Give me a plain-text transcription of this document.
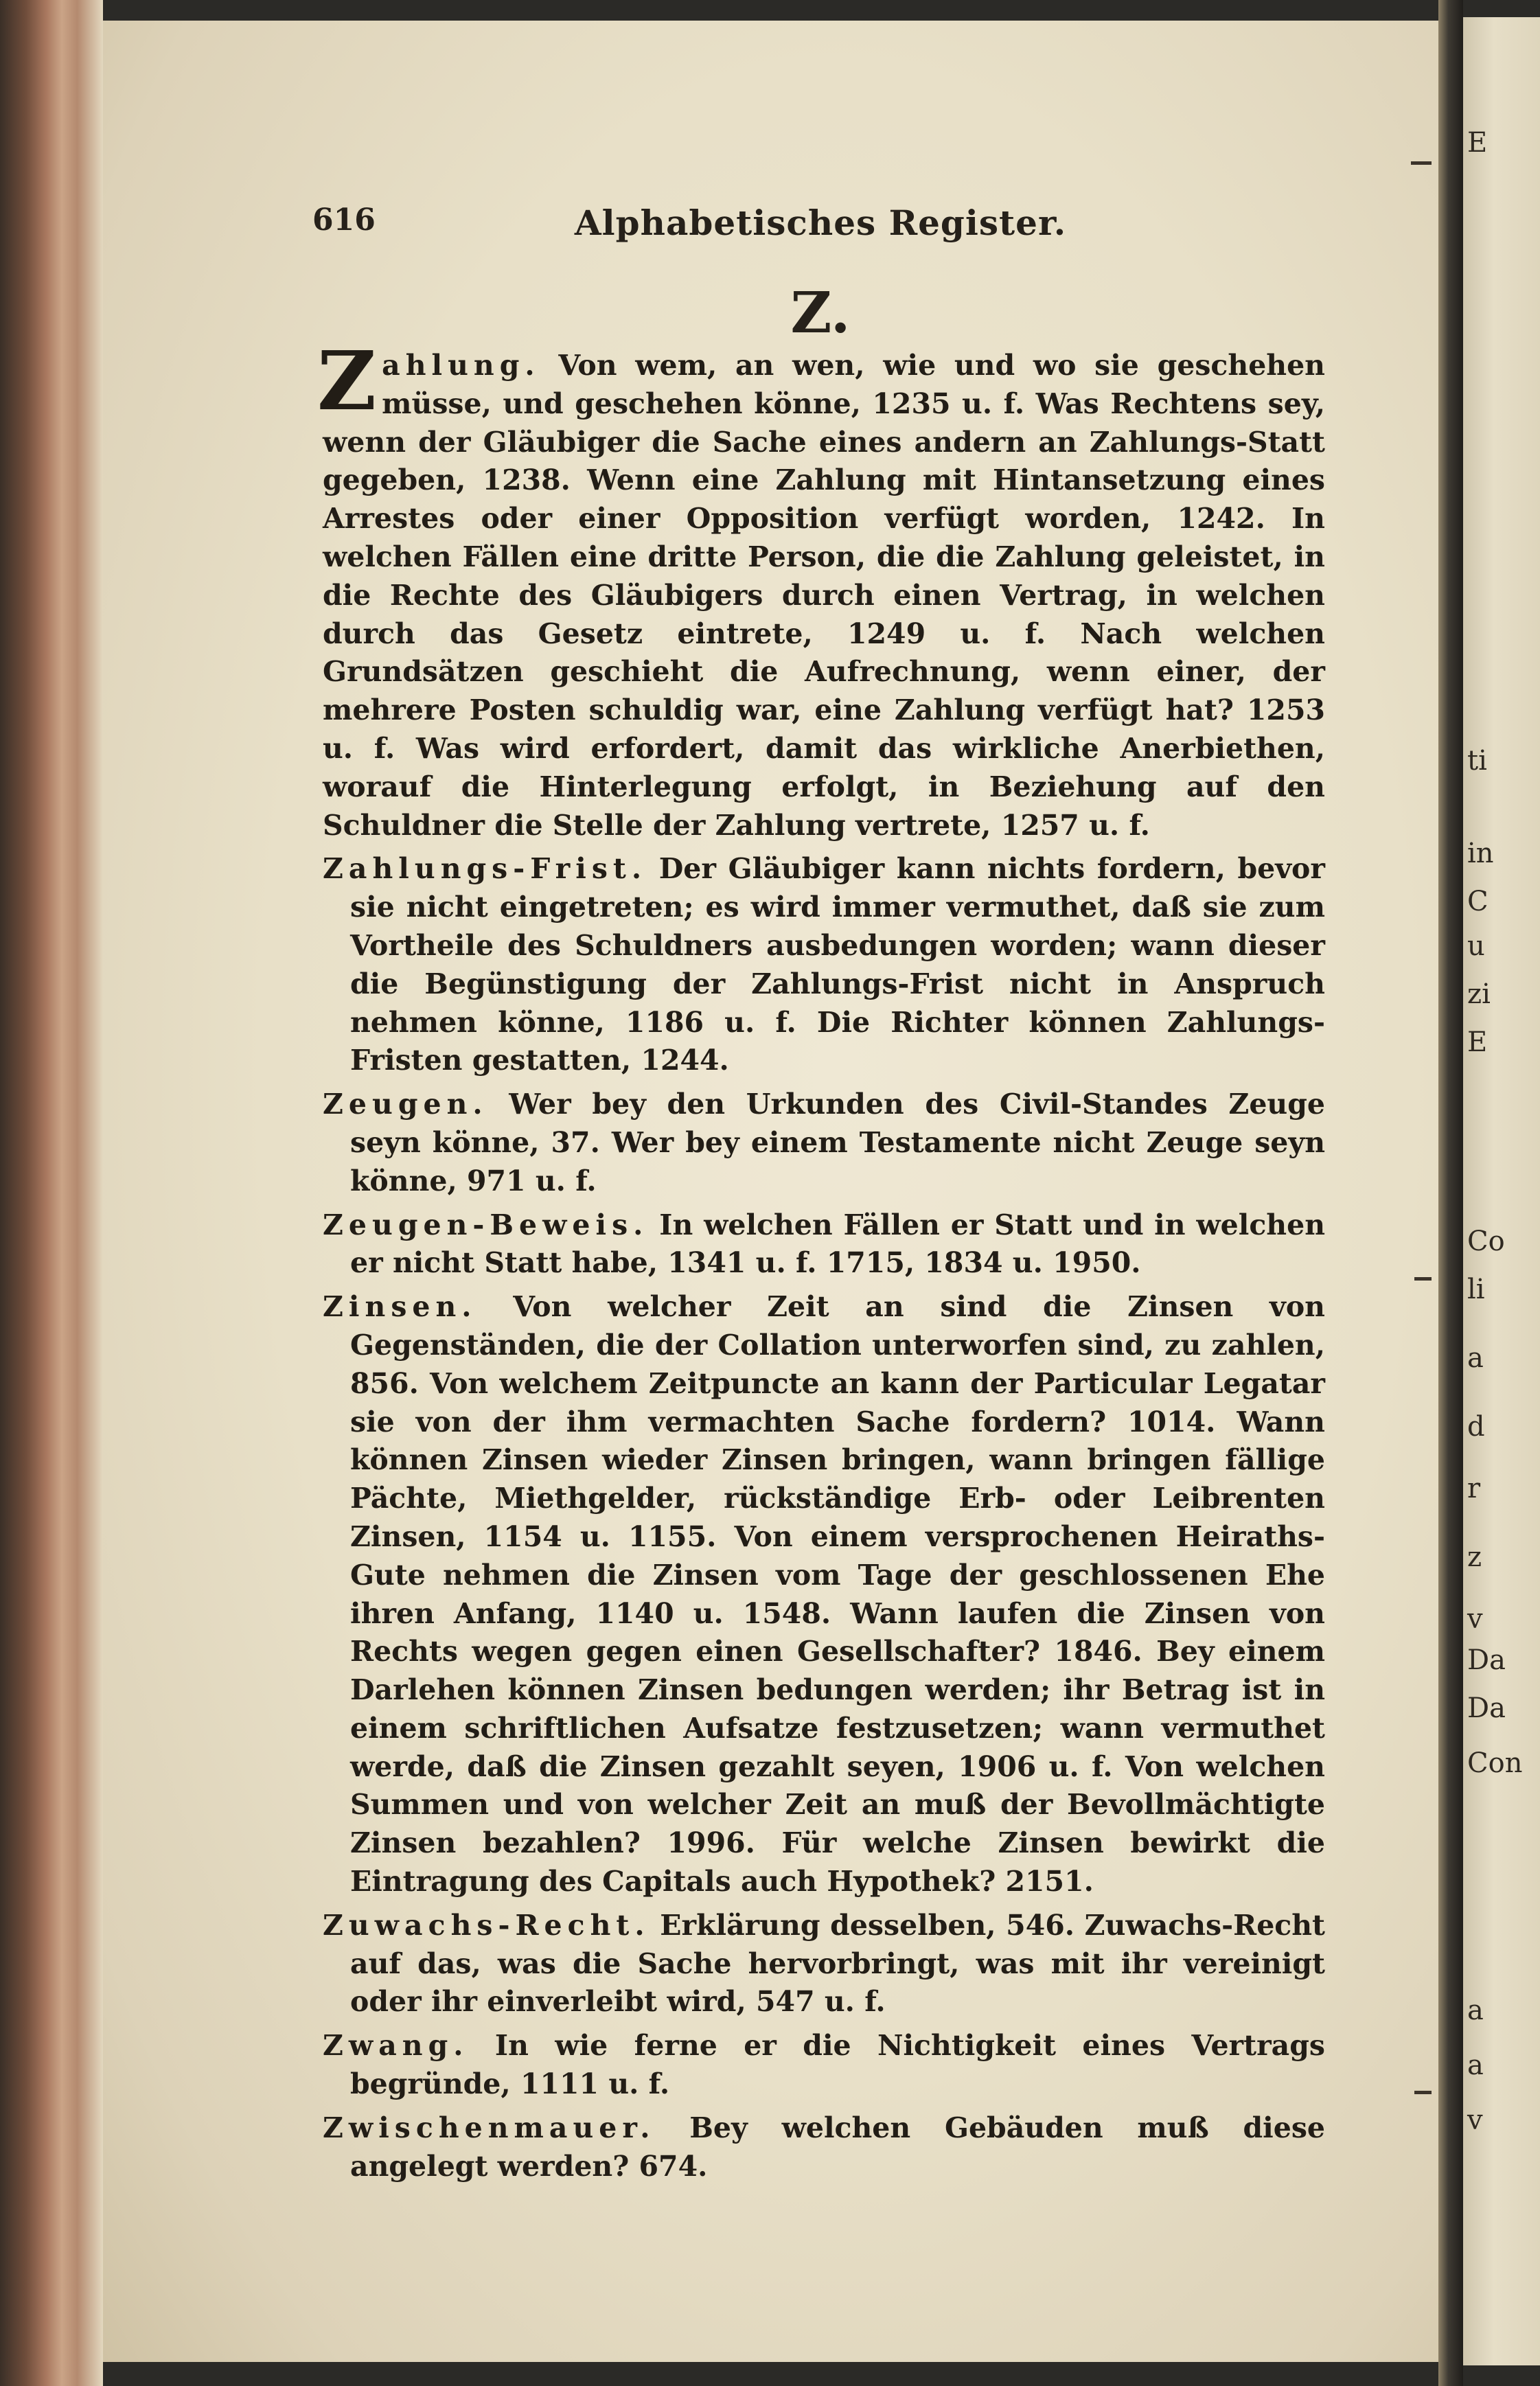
E
ti
in
C
u
zi
E
Co
li
a
d
r
z
v
Da
Da
Con
a
a
v
616	Alphabetisches Register.
Z.

Zahlung. Von wem, an wen, wie und wo sie geschehen müsse, und geschehen könne, 1235 u. f. Was Rechtens sey, wenn der Gläubiger die Sache eines andern an Zahlungs-Statt gegeben, 1238. Wenn eine Zahlung mit Hintansetzung eines Arrestes oder einer Opposition verfügt worden, 1242. In welchen Fällen eine dritte Person, die die Zahlung geleistet, in die Rechte des Gläubigers durch einen Vertrag, in welchen durch das Gesetz eintrete, 1249 u. f. Nach welchen Grundsätzen geschieht die Aufrechnung, wenn einer, der mehrere Posten schuldig war, eine Zahlung verfügt hat? 1253 u. f. Was wird erfordert, damit das wirkliche Anerbiethen, worauf die Hinterlegung erfolgt, in Beziehung auf den Schuldner die Stelle der Zahlung vertrete, 1257 u. f.

Zahlungs-Frist. Der Gläubiger kann nichts fordern, bevor sie nicht eingetreten; es wird immer vermuthet, daß sie zum Vortheile des Schuldners ausbedungen worden; wann dieser die Begünstigung der Zahlungs-Frist nicht in Anspruch nehmen könne, 1186 u. f. Die Richter können Zahlungs-Fristen gestatten, 1244.

Zeugen. Wer bey den Urkunden des Civil-Standes Zeuge seyn könne, 37. Wer bey einem Testamente nicht Zeuge seyn könne, 971 u. f.

Zeugen-Beweis. In welchen Fällen er Statt und in welchen er nicht Statt habe, 1341 u. f. 1715, 1834 u. 1950.

Zinsen. Von welcher Zeit an sind die Zinsen von Gegenständen, die der Collation unterworfen sind, zu zahlen, 856. Von welchem Zeitpuncte an kann der Particular Legatar sie von der ihm vermachten Sache fordern? 1014. Wann können Zinsen wieder Zinsen bringen, wann bringen fällige Pächte, Miethgelder, rückständige Erb- oder Leibrenten Zinsen, 1154 u. 1155. Von einem versprochenen Heiraths-Gute nehmen die Zinsen vom Tage der geschlossenen Ehe ihren Anfang, 1140 u. 1548. Wann laufen die Zinsen von Rechts wegen gegen einen Gesellschafter? 1846. Bey einem Darlehen können Zinsen bedungen werden; ihr Betrag ist in einem schriftlichen Aufsatze festzusetzen; wann vermuthet werde, daß die Zinsen gezahlt seyen, 1906 u. f. Von welchen Summen und von welcher Zeit an muß der Bevollmächtigte Zinsen bezahlen? 1996. Für welche Zinsen bewirkt die Eintragung des Capitals auch Hypothek? 2151.

Zuwachs-Recht. Erklärung desselben, 546. Zuwachs-Recht auf das, was die Sache hervorbringt, was mit ihr vereinigt oder ihr einverleibt wird, 547 u. f.

Zwang. In wie ferne er die Nichtigkeit eines Vertrags begründe, 1111 u. f.

Zwischenmauer. Bey welchen Gebäuden muß diese angelegt werden? 674.
